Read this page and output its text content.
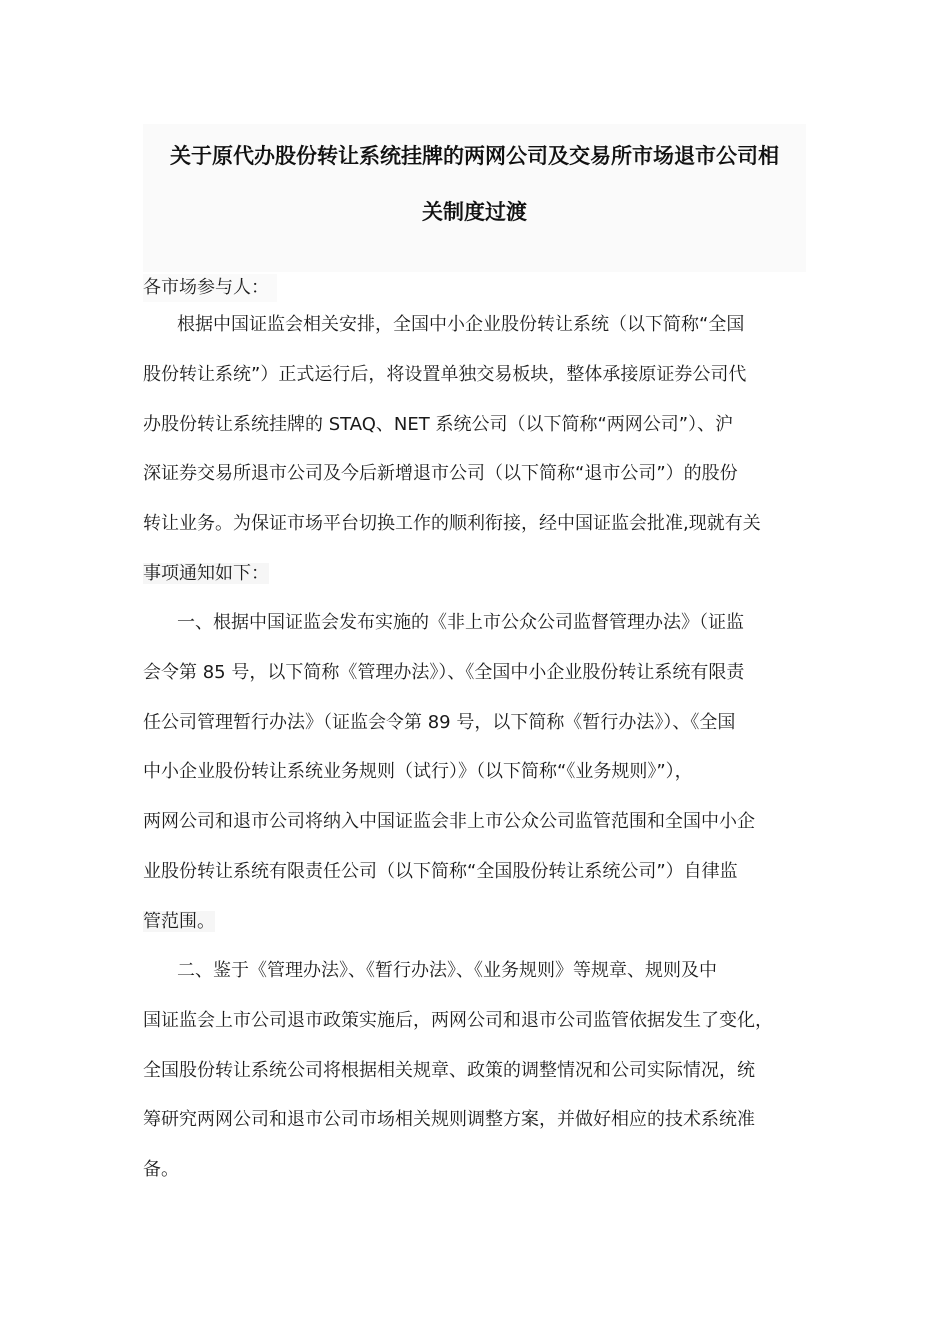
关于原代办股份转让系统挂牌的两网公司及交易所市场退市公司相
关制度过渡
各市场参与人：
根据中国证监会相关安排，全国中小企业股份转让系统（以下简称“全国
股份转让系统”）正式运行后，将设置单独交易板块，整体承接原证券公司代
办股份转让系统挂牌的 STAQ、NET 系统公司（以下简称“两网公司”）、沪
深证券交易所退市公司及今后新增退市公司（以下简称“退市公司”）的股份
转让业务。为保证市场平台切换工作的顺利衔接，经中国证监会批准,现就有关
事项通知如下：
一、根据中国证监会发布实施的《非上市公众公司监督管理办法》（证监
会令第 85 号，以下简称《管理办法》）、《全国中小企业股份转让系统有限责
任公司管理暂行办法》（证监会令第 89 号，以下简称《暂行办法》）、《全国
中小企业股份转让系统业务规则（试行）》（以下简称“《业务规则》”），
两网公司和退市公司将纳入中国证监会非上市公众公司监管范围和全国中小企
业股份转让系统有限责任公司（以下简称“全国股份转让系统公司”）自律监
管范围。
二、鉴于《管理办法》、《暂行办法》、《业务规则》等规章、规则及中
国证监会上市公司退市政策实施后，两网公司和退市公司监管依据发生了变化，
全国股份转让系统公司将根据相关规章、政策的调整情况和公司实际情况，统
筹研究两网公司和退市公司市场相关规则调整方案，并做好相应的技术系统准
备。
